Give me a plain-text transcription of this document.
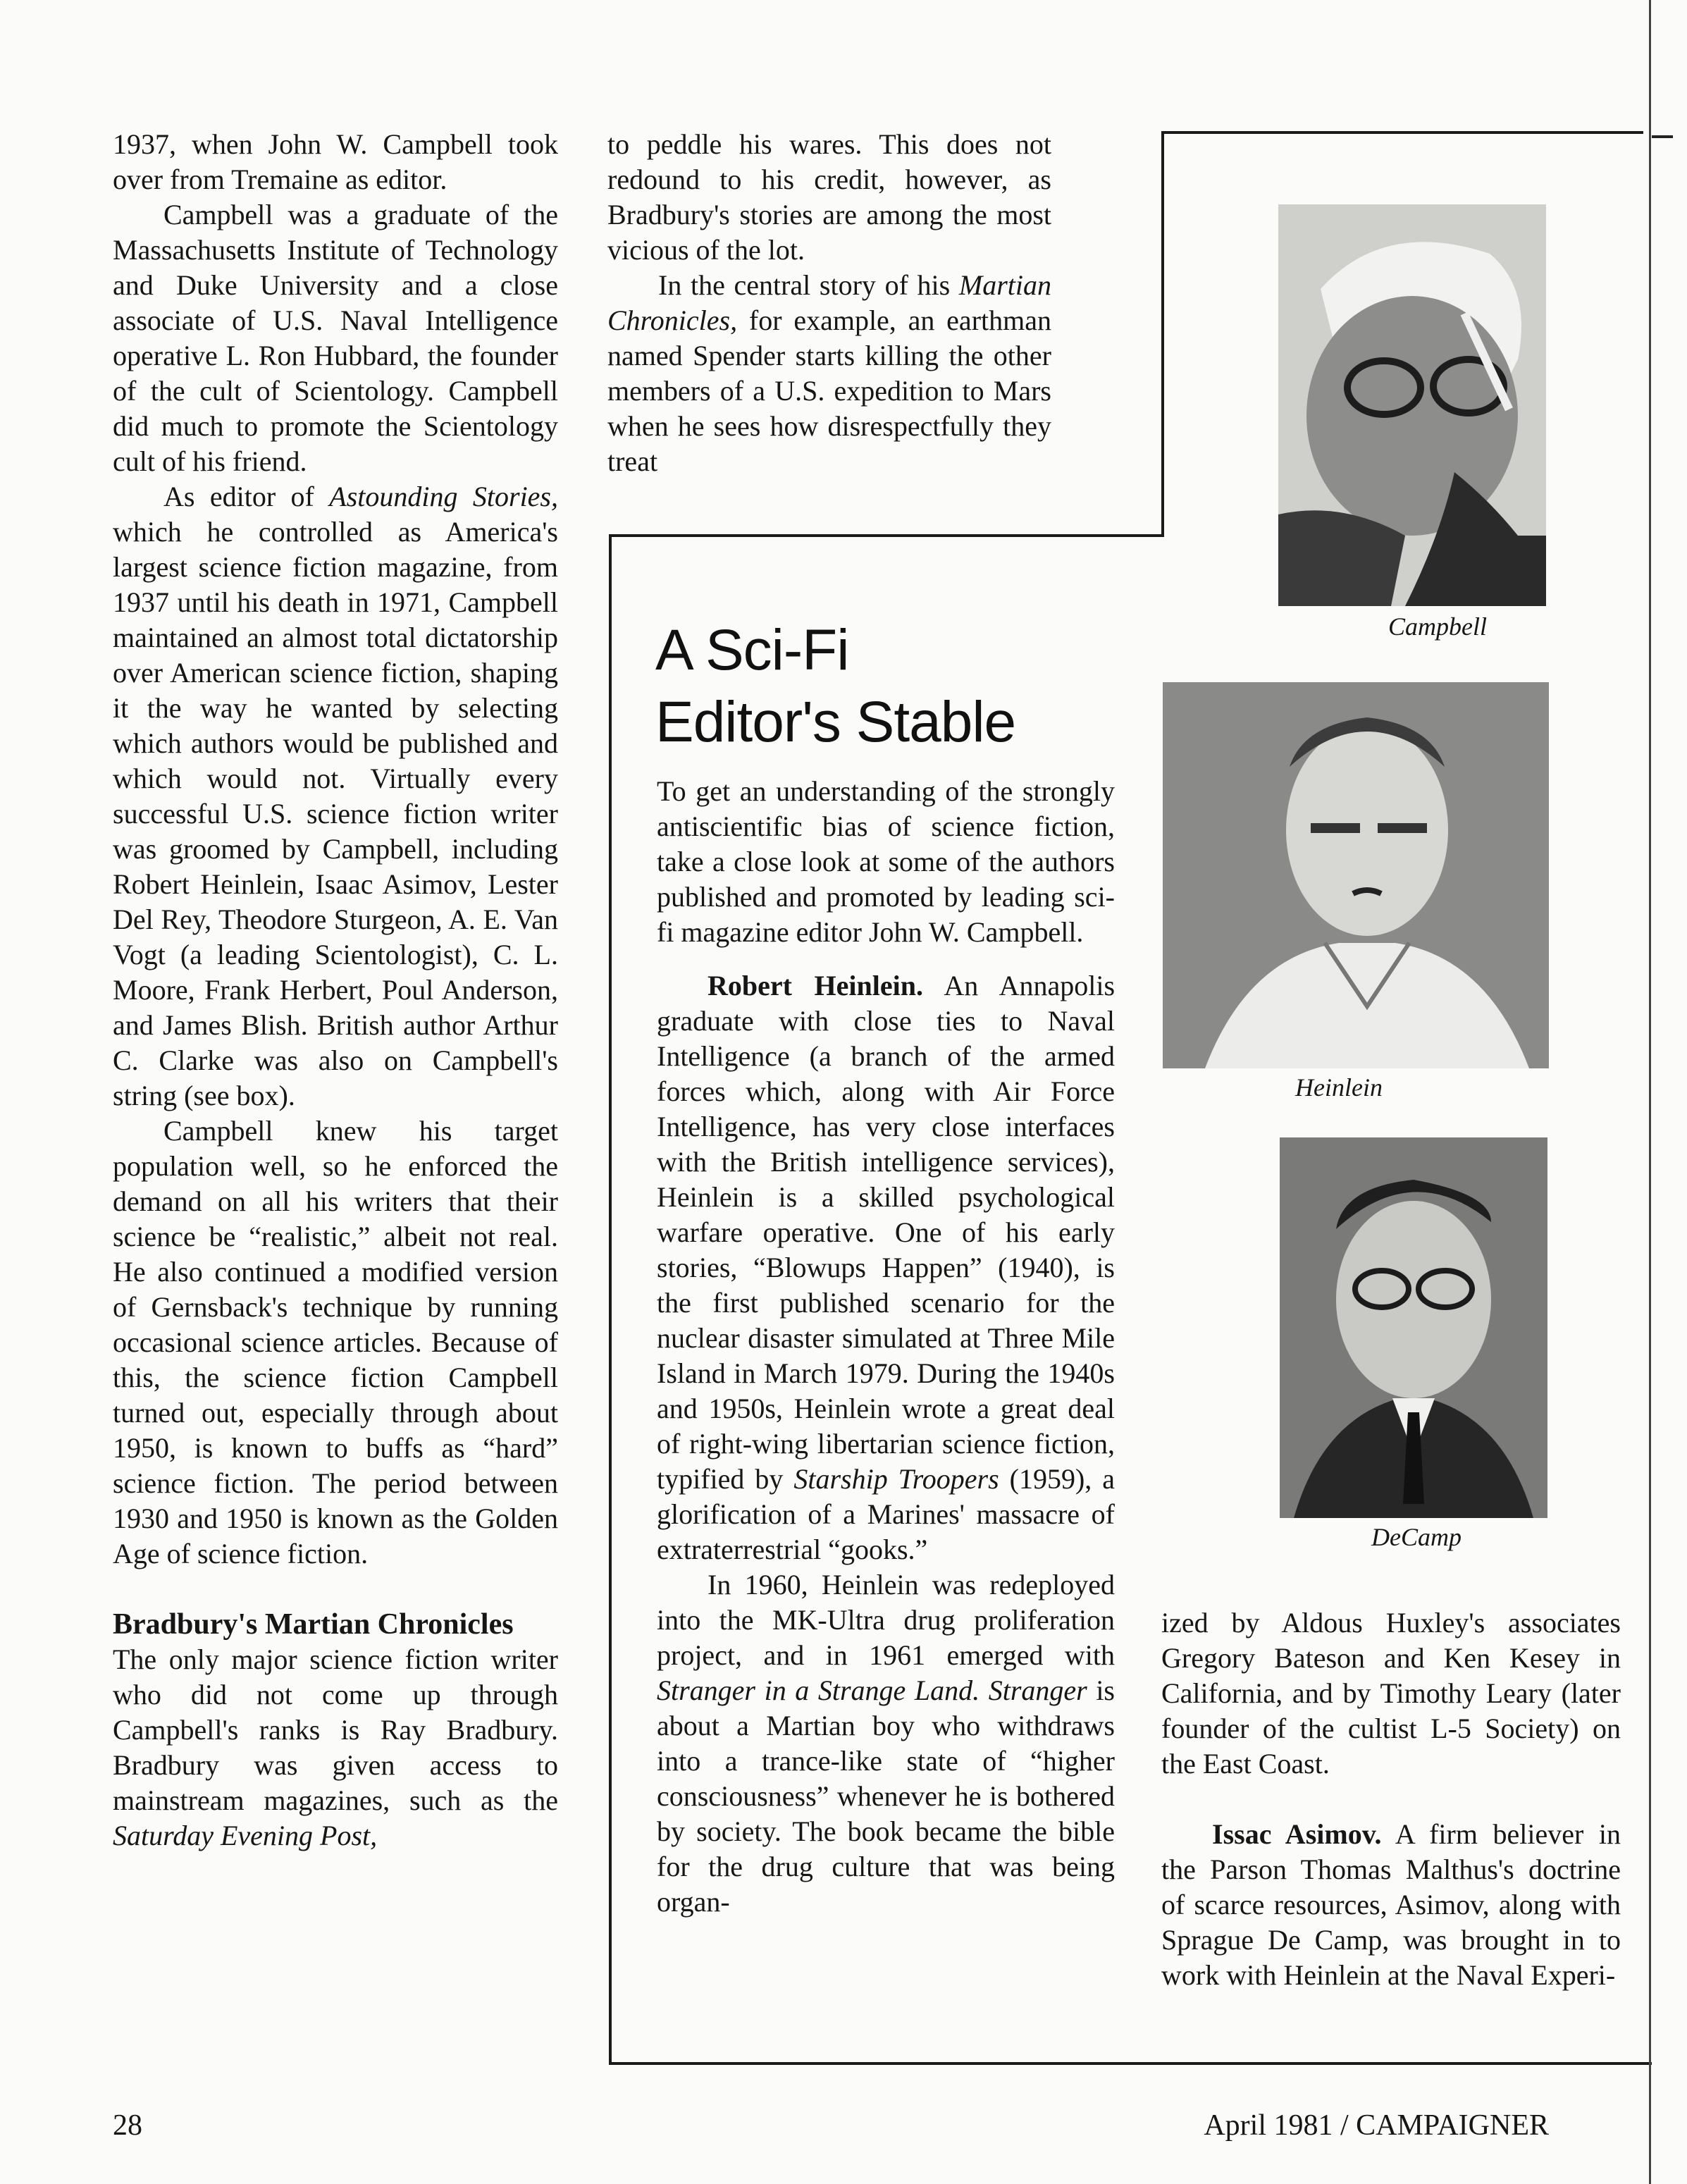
1937, when John W. Campbell took over from Tremaine as editor.

Campbell was a graduate of the Massachusetts Institute of Technology and Duke University and a close associate of U.S. Naval Intelligence operative L. Ron Hubbard, the founder of the cult of Scientology. Campbell did much to promote the Scientology cult of his friend.

As editor of Astounding Stories, which he controlled as America's largest science fiction magazine, from 1937 until his death in 1971, Campbell maintained an almost total dictatorship over American science fiction, shaping it the way he wanted by selecting which authors would be published and which would not. Virtually every successful U.S. science fiction writer was groomed by Campbell, including Robert Heinlein, Isaac Asimov, Lester Del Rey, Theodore Sturgeon, A. E. Van Vogt (a leading Scientologist), C. L. Moore, Frank Herbert, Poul Anderson, and James Blish. British author Arthur C. Clarke was also on Campbell's string (see box).

Campbell knew his target population well, so he enforced the demand on all his writers that their science be “realistic,” albeit not real. He also continued a modified version of Gernsback's technique by running occasional science articles. Because of this, the science fiction Campbell turned out, especially through about 1950, is known to buffs as “hard” science fiction. The period between 1930 and 1950 is known as the Golden Age of science fiction.

Bradbury's Martian Chronicles

The only major science fiction writer who did not come up through Campbell's ranks is Ray Bradbury. Bradbury was given access to mainstream magazines, such as the Saturday Evening Post,

to peddle his wares. This does not redound to his credit, however, as Bradbury's stories are among the most vicious of the lot.

In the central story of his Martian Chronicles, for example, an earthman named Spender starts killing the other members of a U.S. expedition to Mars when he sees how disrespectfully they treat

A Sci-Fi
Editor's Stable

To get an understanding of the strongly antiscientific bias of science fiction, take a close look at some of the authors published and promoted by leading sci-fi magazine editor John W. Campbell.

Robert Heinlein. An Annapolis graduate with close ties to Naval Intelligence (a branch of the armed forces which, along with Air Force Intelligence, has very close interfaces with the British intelligence services), Heinlein is a skilled psychological warfare operative. One of his early stories, “Blowups Happen” (1940), is the first published scenario for the nuclear disaster simulated at Three Mile Island in March 1979. During the 1940s and 1950s, Heinlein wrote a great deal of right-wing libertarian science fiction, typified by Starship Troopers (1959), a glorification of a Marines' massacre of extraterrestrial “gooks.”

In 1960, Heinlein was redeployed into the MK-Ultra drug proliferation project, and in 1961 emerged with Stranger in a Strange Land. Stranger is about a Martian boy who withdraws into a trance-like state of “higher consciousness” whenever he is bothered by society. The book became the bible for the drug culture that was being organ-

ized by Aldous Huxley's associates Gregory Bateson and Ken Kesey in California, and by Timothy Leary (later founder of the cultist L-5 Society) on the East Coast.

Issac Asimov. A firm believer in the Parson Thomas Malthus's doctrine of scarce resources, Asimov, along with Sprague De Camp, was brought in to work with Heinlein at the Naval Experi-

Campbell
Heinlein
DeCamp
28	April 1981 / CAMPAIGNER
